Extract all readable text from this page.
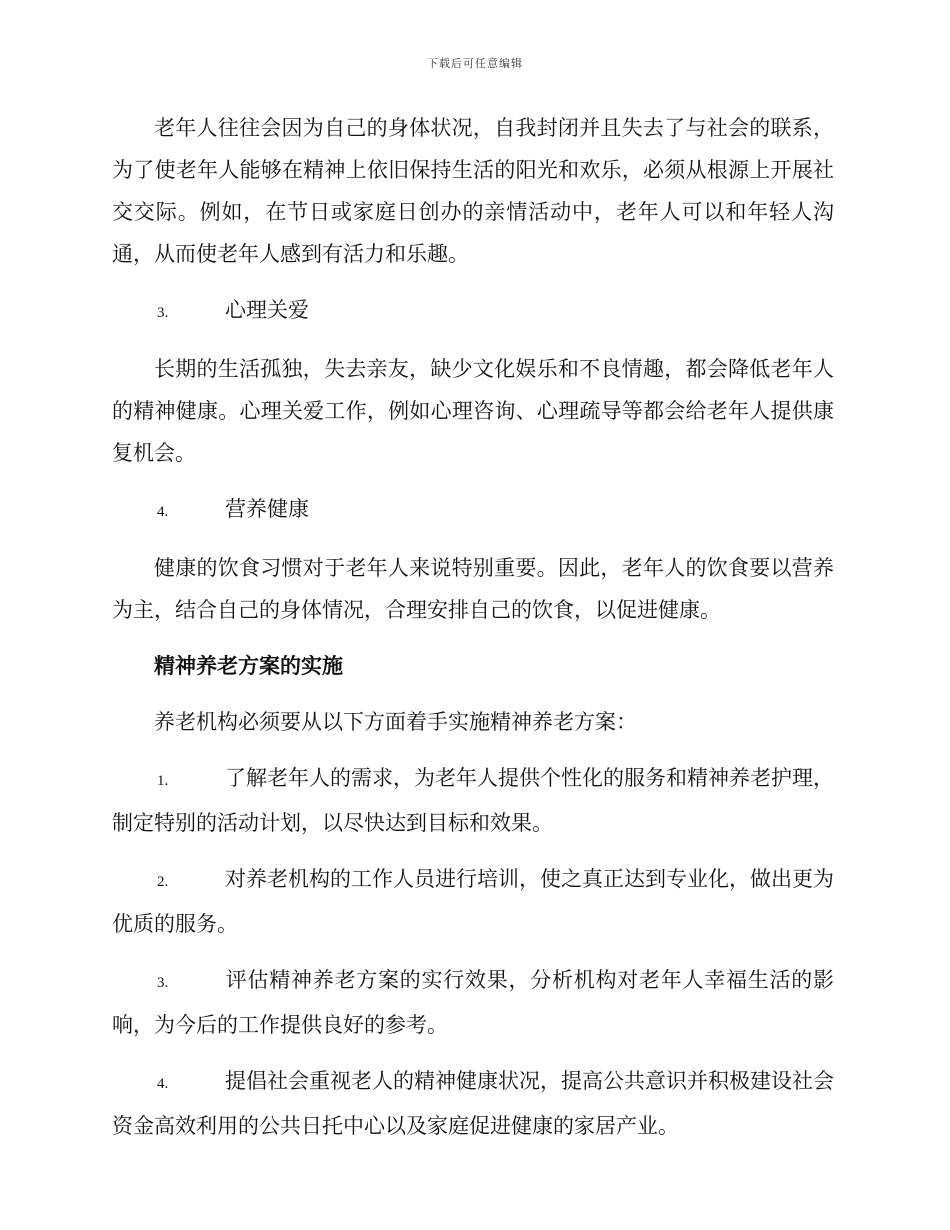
下载后可任意编辑

老年人往往会因为自己的身体状况，自我封闭并且失去了与社会的联系，为了使老年人能够在精神上依旧保持生活的阳光和欢乐，必须从根源上开展社交交际。例如，在节日或家庭日创办的亲情活动中，老年人可以和年轻人沟通，从而使老年人感到有活力和乐趣。

3.	心理关爱

长期的生活孤独，失去亲友，缺少文化娱乐和不良情趣，都会降低老年人的精神健康。心理关爱工作，例如心理咨询、心理疏导等都会给老年人提供康复机会。

4.	营养健康

健康的饮食习惯对于老年人来说特别重要。因此，老年人的饮食要以营养为主，结合自己的身体情况，合理安排自己的饮食，以促进健康。

精神养老方案的实施

养老机构必须要从以下方面着手实施精神养老方案：

1.	了解老年人的需求，为老年人提供个性化的服务和精神养老护理，制定特别的活动计划，以尽快达到目标和效果。

2.	对养老机构的工作人员进行培训，使之真正达到专业化，做出更为优质的服务。

3.	评估精神养老方案的实行效果，分析机构对老年人幸福生活的影响，为今后的工作提供良好的参考。

4.	提倡社会重视老人的精神健康状况，提高公共意识并积极建设社会资金高效利用的公共日托中心以及家庭促进健康的家居产业。
